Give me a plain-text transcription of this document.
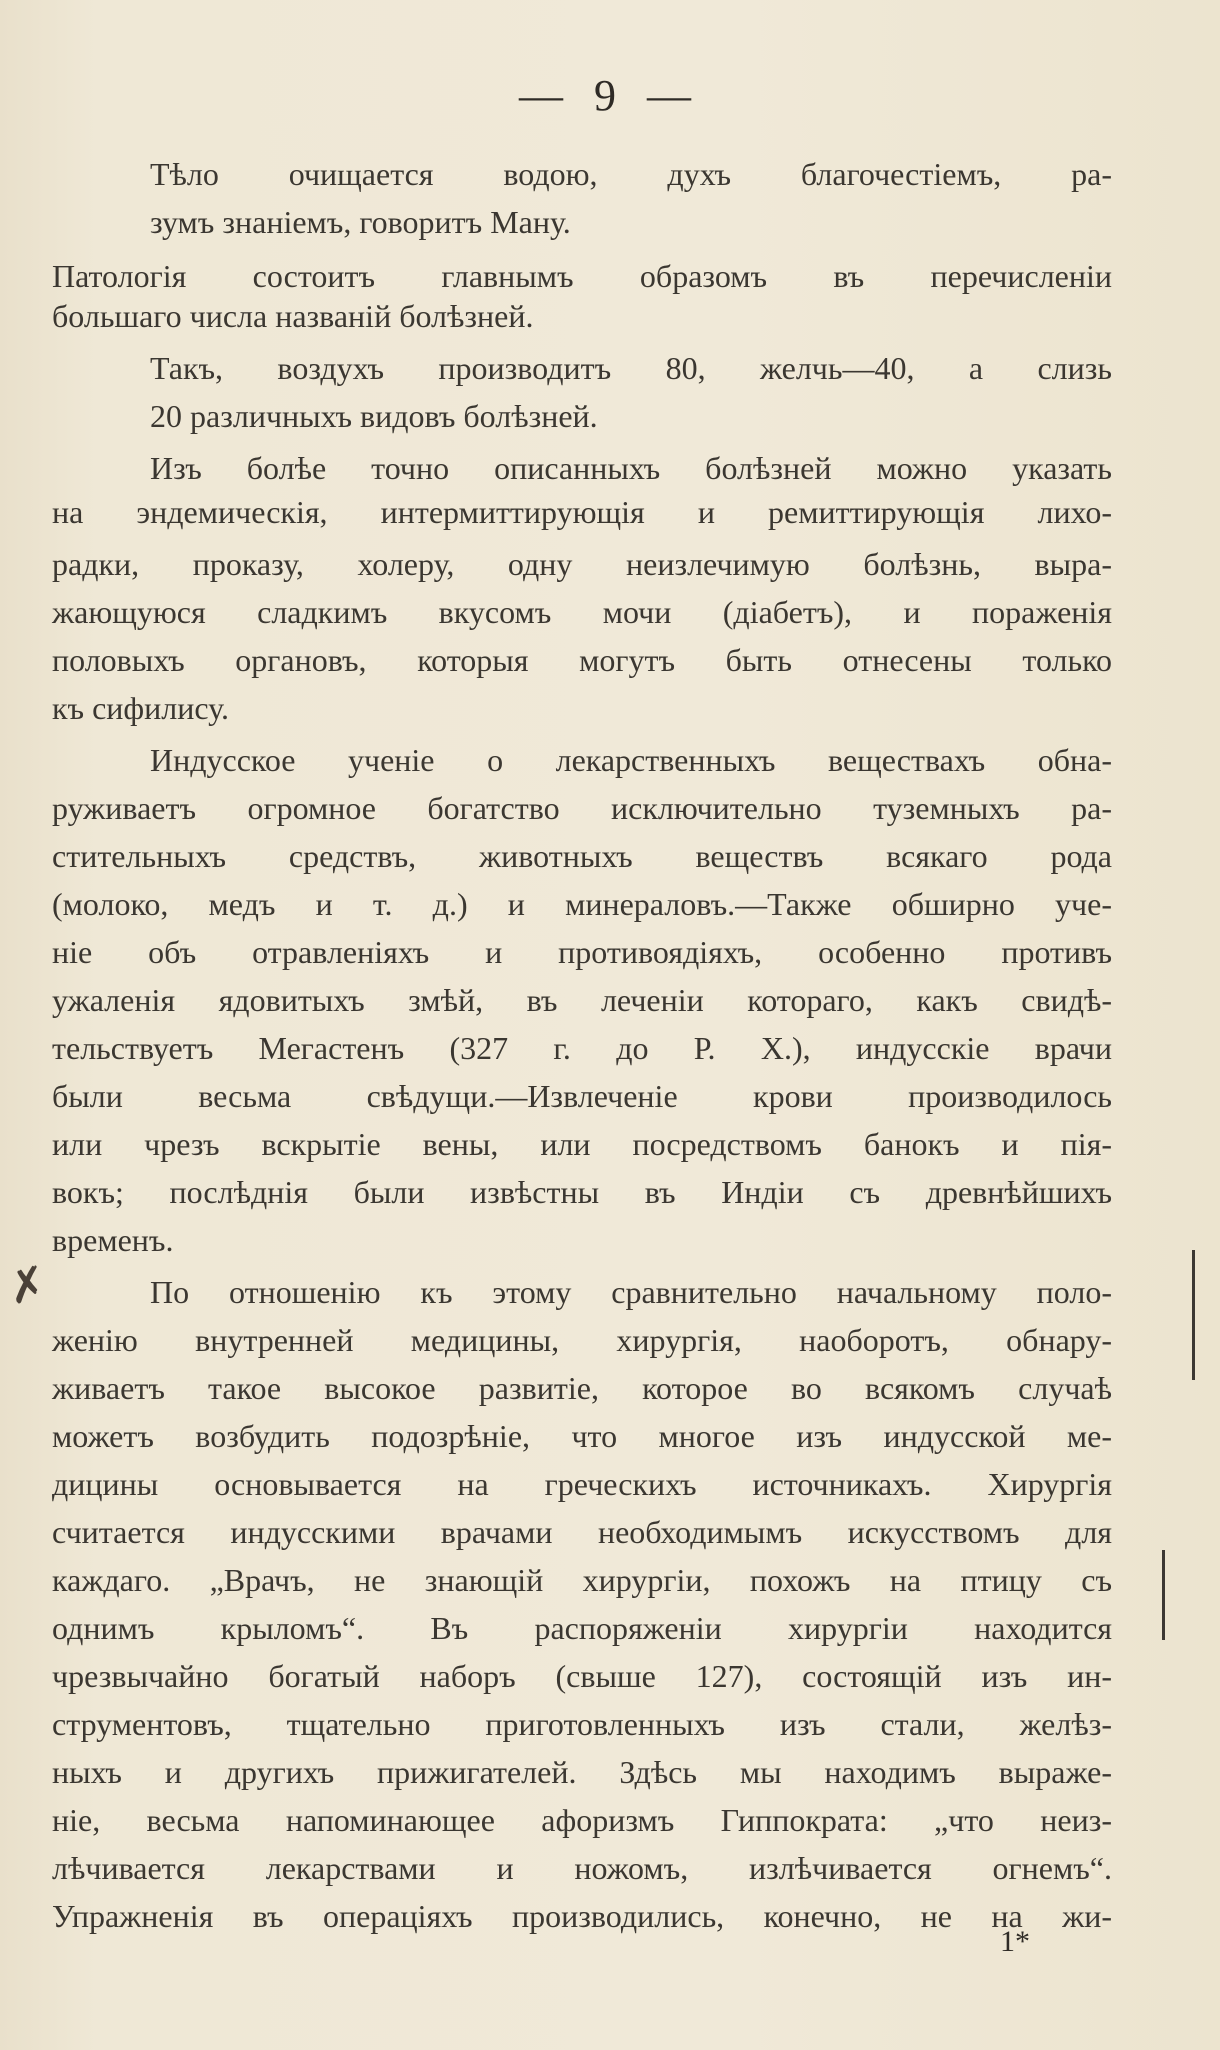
— 9 —
Тѣло очищается водою, духъ благочестіемъ, ра-
зумъ знаніемъ, говоритъ Ману.
Патологія состоитъ главнымъ образомъ въ перечисленіи
большаго числа названій болѣзней.
Такъ, воздухъ производитъ 80, желчь—40, а слизь
20 различныхъ видовъ болѣзней.
Изъ болѣе точно описанныхъ болѣзней можно указать
на эндемическія, интермиттирующія и ремиттирующія лихо-
радки, проказу, холеру, одну неизлечимую болѣзнь, выра-
жающуюся сладкимъ вкусомъ мочи (діабетъ), и пораженія
половыхъ органовъ, которыя могутъ быть отнесены только
къ сифилису.
Индусское ученіе о лекарственныхъ веществахъ обна-
руживаетъ огромное богатство исключительно туземныхъ ра-
стительныхъ средствъ, животныхъ веществъ всякаго рода
(молоко, медъ и т. д.) и минераловъ.—Также обширно уче-
ніе объ отравленіяхъ и противоядіяхъ, особенно противъ
ужаленія ядовитыхъ змѣй, въ леченіи котораго, какъ свидѣ-
тельствуетъ Мегастенъ (327 г. до Р. Х.), индусскіе врачи
были весьма свѣдущи.—Извлеченіе крови производилось
или чрезъ вскрытіе вены, или посредствомъ банокъ и пія-
вокъ; послѣднія были извѣстны въ Индіи съ древнѣйшихъ
временъ.
По отношенію къ этому сравнительно начальному поло-
женію внутренней медицины, хирургія, наоборотъ, обнару-
живаетъ такое высокое развитіе, которое во всякомъ случаѣ
можетъ возбудить подозрѣніе, что многое изъ индусской ме-
дицины основывается на греческихъ источникахъ. Хирургія
считается индусскими врачами необходимымъ искусствомъ для
каждаго. „Врачъ, не знающій хирургіи, похожъ на птицу съ
однимъ крыломъ“. Въ распоряженіи хирургіи находится
чрезвычайно богатый наборъ (свыше 127), состоящій изъ ин-
струментовъ, тщательно приготовленныхъ изъ стали, желѣз-
ныхъ и другихъ прижигателей. Здѣсь мы находимъ выраже-
ніе, весьма напоминающее афоризмъ Гиппократа: „что неиз-
лѣчивается лекарствами и ножомъ, излѣчивается огнемъ“.
Упражненія въ операціяхъ производились, конечно, не на жи-
1*
✗
